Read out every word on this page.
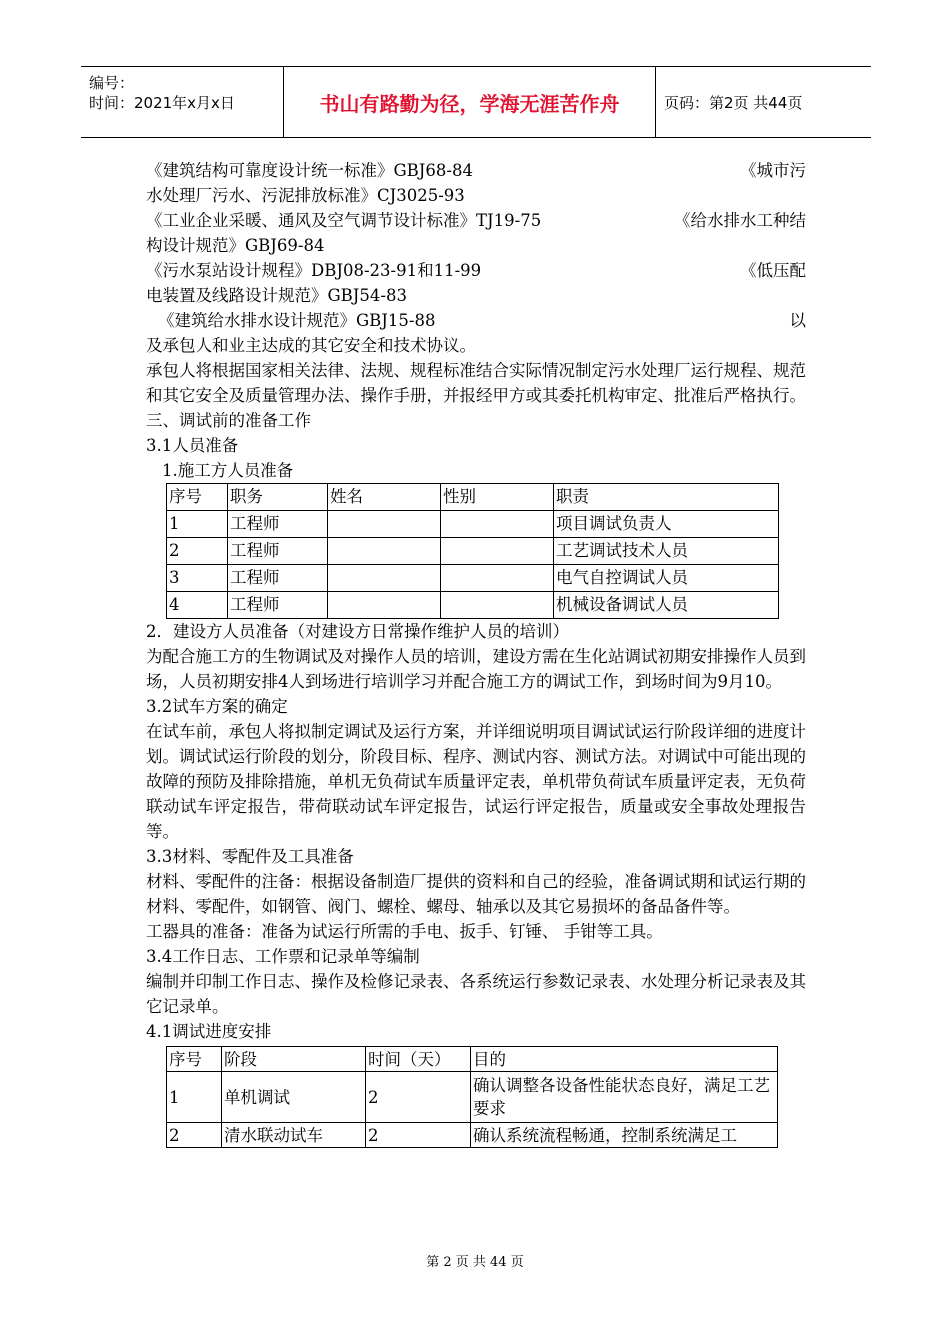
编号：
时间：2021年x月x日	书山有路勤为径，学海无涯苦作舟	页码：第2页 共44页
《建筑结构可靠度设计统一标准》GBJ68-84	《城市污
水处理厂污水、污泥排放标准》CJ3025-93
《工业企业采暖、通风及空气调节设计标准》TJ19-75	《给水排水工种结
构设计规范》GBJ69-84
《污水泵站设计规程》DBJ08-23-91和11-99	《低压配
电装置及线路设计规范》GBJ54-83
《建筑给水排水设计规范》GBJ15-88	以
及承包人和业主达成的其它安全和技术协议。
承包人将根据国家相关法律、法规、规程标准结合实际情况制定污水处理厂运行规程、规范和其它安全及质量管理办法、操作手册，并报经甲方或其委托机构审定、批准后严格执行。
三、调试前的准备工作
3.1人员准备
1.施工方人员准备
序号	职务	姓名	性别	职责
1	工程师			项目调试负责人
2	工程师			工艺调试技术人员
3	工程师			电气自控调试人员
4	工程师			机械设备调试人员
2．建设方人员准备（对建设方日常操作维护人员的培训）
为配合施工方的生物调试及对操作人员的培训，建设方需在生化站调试初期安排操作人员到场，人员初期安排4人到场进行培训学习并配合施工方的调试工作，到场时间为9月10。
3.2试车方案的确定
在试车前，承包人将拟制定调试及运行方案，并详细说明项目调试试运行阶段详细的进度计划。调试试运行阶段的划分，阶段目标、程序、测试内容、测试方法。对调试中可能出现的故障的预防及排除措施，单机无负荷试车质量评定表，单机带负荷试车质量评定表，无负荷联动试车评定报告，带荷联动试车评定报告，试运行评定报告，质量或安全事故处理报告等。
3.3材料、零配件及工具准备
材料、零配件的注备：根据设备制造厂提供的资料和自己的经验，准备调试期和试运行期的材料、零配件，如钢管、阀门、螺栓、螺母、轴承以及其它易损坏的备品备件等。
工器具的准备：准备为试运行所需的手电、扳手、钉锤、 手钳等工具。
3.4工作日志、工作票和记录单等编制
编制并印制工作日志、操作及检修记录表、各系统运行参数记录表、水处理分析记录表及其它记录单。
4.1调试进度安排
序号	阶段	时间（天）	目的
1	单机调试	2	确认调整各设备性能状态良好，满足工艺要求
2	清水联动试车	2	确认系统流程畅通，控制系统满足工
第 2 页 共 44 页
